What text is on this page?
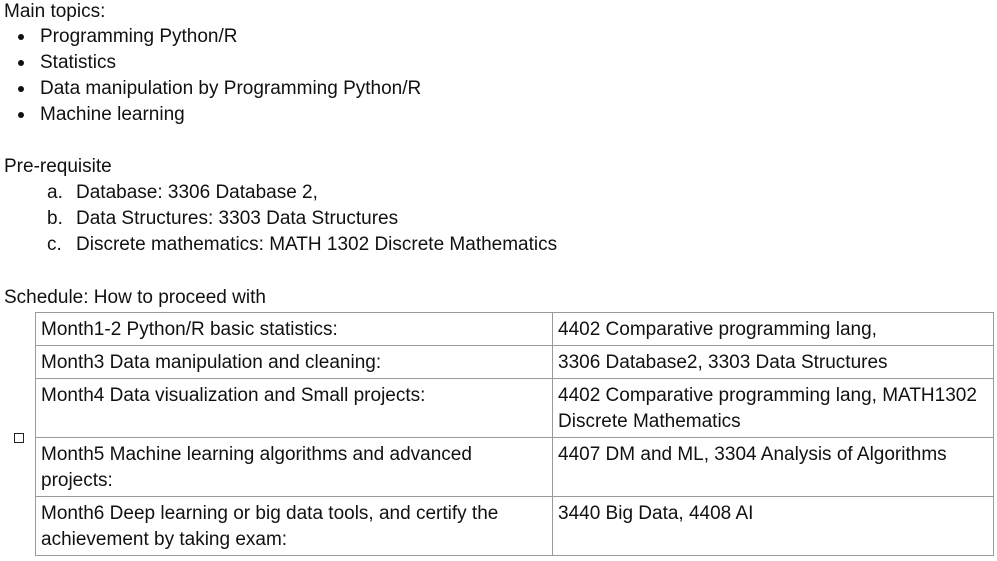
Main topics:
Programming Python/R
Statistics
Data manipulation by Programming Python/R
Machine learning
Pre-requisite
a. Database: 3306 Database 2,
b. Data Structures: 3303 Data Structures
c. Discrete mathematics: MATH 1302 Discrete Mathematics
Schedule: How to proceed with
Month1-2 Python/R basic statistics:	4402 Comparative programming lang,
Month3 Data manipulation and cleaning:	3306 Database2, 3303 Data Structures
Month4 Data visualization and Small projects:	4402 Comparative programming lang, MATH1302 Discrete Mathematics
Month5 Machine learning algorithms and advanced projects:	4407 DM and ML, 3304 Analysis of Algorithms
Month6 Deep learning or big data tools, and certify the achievement by taking exam:	3440 Big Data, 4408 AI
